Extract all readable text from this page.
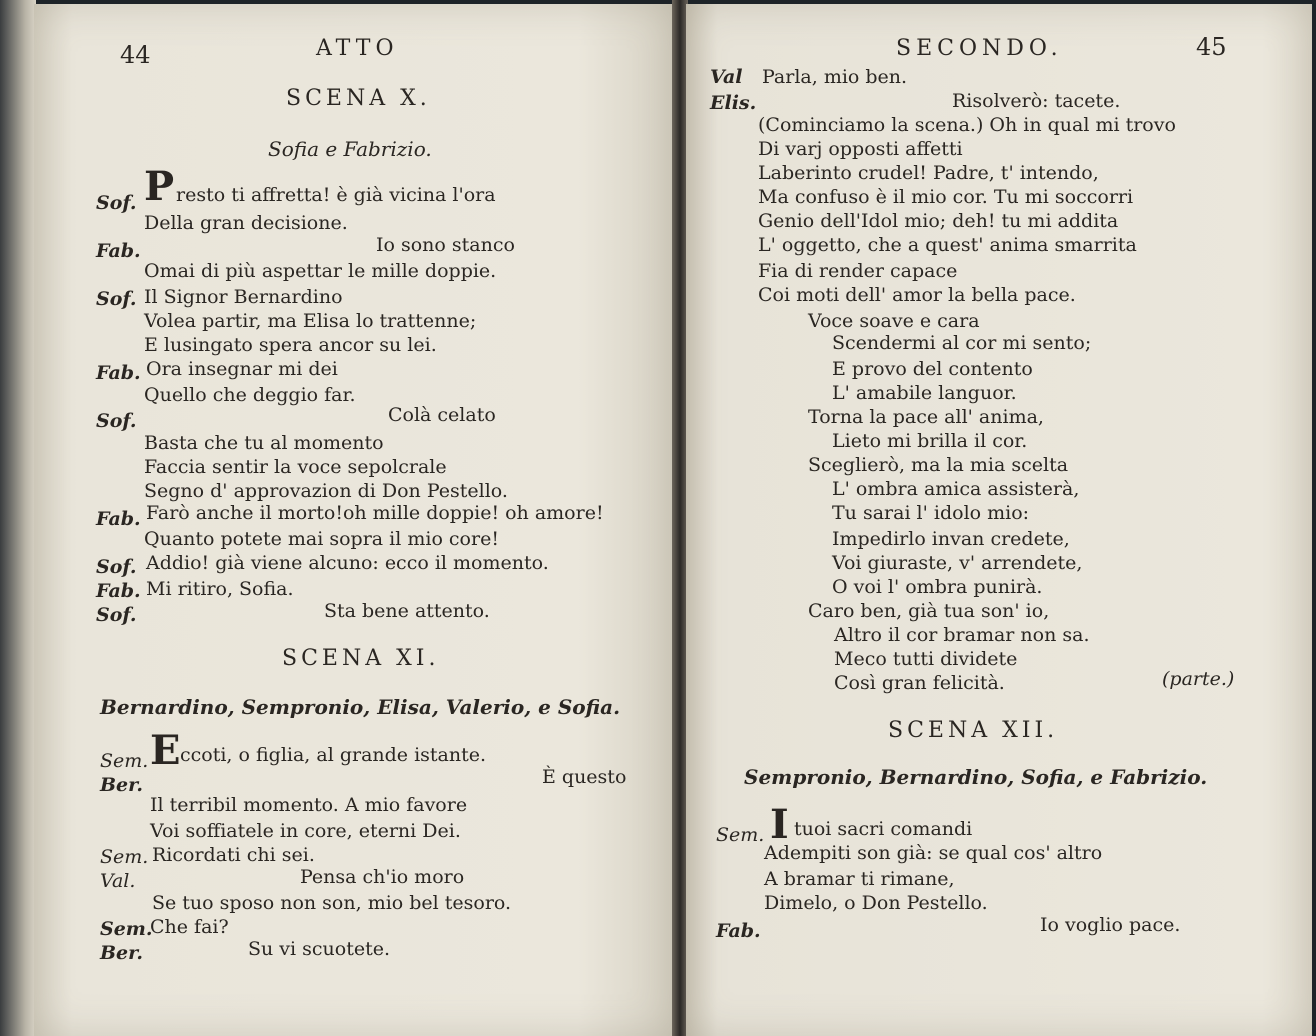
44	ATTO
SCENA X.
Sofia e Fabrizio.
Sof. P resto ti affretta! è già vicina l'ora
Della gran decisione.
Fab.	Io sono stanco
Omai di più aspettar le mille doppie.
Sof. Il Signor Bernardino
Volea partir, ma Elisa lo trattenne;
E lusingato spera ancor su lei.
Fab. Ora insegnar mi dei
Quello che deggio far.
Sof.	Colà celato
Basta che tu al momento
Faccia sentir la voce sepolcrale
Segno d' approvazion di Don Pestello.
Fab. Farò anche il morto!oh mille doppie! oh amore!
Quanto potete mai sopra il mio core!
Sof. Addio! già viene alcuno: ecco il momento.
Fab. Mi ritiro, Sofia.
Sof.	Sta bene attento.
SCENA XI.
Bernardino, Sempronio, Elisa, Valerio, e Sofia.
Sem. E ccoti, o figlia, al grande istante.
Ber.	È questo
Il terribil momento. A mio favore
Voi soffiatele in core, eterni Dei.
Sem. Ricordati chi sei.
Val.	Pensa ch'io moro
Se tuo sposo non son, mio bel tesoro.
Sem.
Che fai?
Ber.	Su vi scuotete.
SECONDO.	45
Val Parla, mio ben.
Elis.	Risolverò: tacete.
(Cominciamo la scena.) Oh in qual mi trovo
Di varj opposti affetti
Laberinto crudel! Padre, t' intendo,
Ma confuso è il mio cor. Tu mi soccorri
Genio dell'Idol mio; deh! tu mi addita
L' oggetto, che a quest' anima smarrita
Fia di render capace
Coi moti dell' amor la bella pace.
Voce soave e cara
Scendermi al cor mi sento;
E provo del contento
L' amabile languor.
Torna la pace all' anima,
Lieto mi brilla il cor.
Sceglierò, ma la mia scelta
L' ombra amica assisterà,
Tu sarai l' idolo mio:
Impedirlo invan credete,
Voi giuraste, v' arrendete,
O voi l' ombra punirà.
Caro ben, già tua son' io,
Altro il cor bramar non sa.
Meco tutti dividete
Così gran felicità.	(parte.)
SCENA XII.
Sempronio, Bernardino, Sofia, e Fabrizio.
Sem. I tuoi sacri comandi
Adempiti son già: se qual cos' altro
A bramar ti rimane,
Dimelo, o Don Pestello.
Fab.	Io voglio pace.
